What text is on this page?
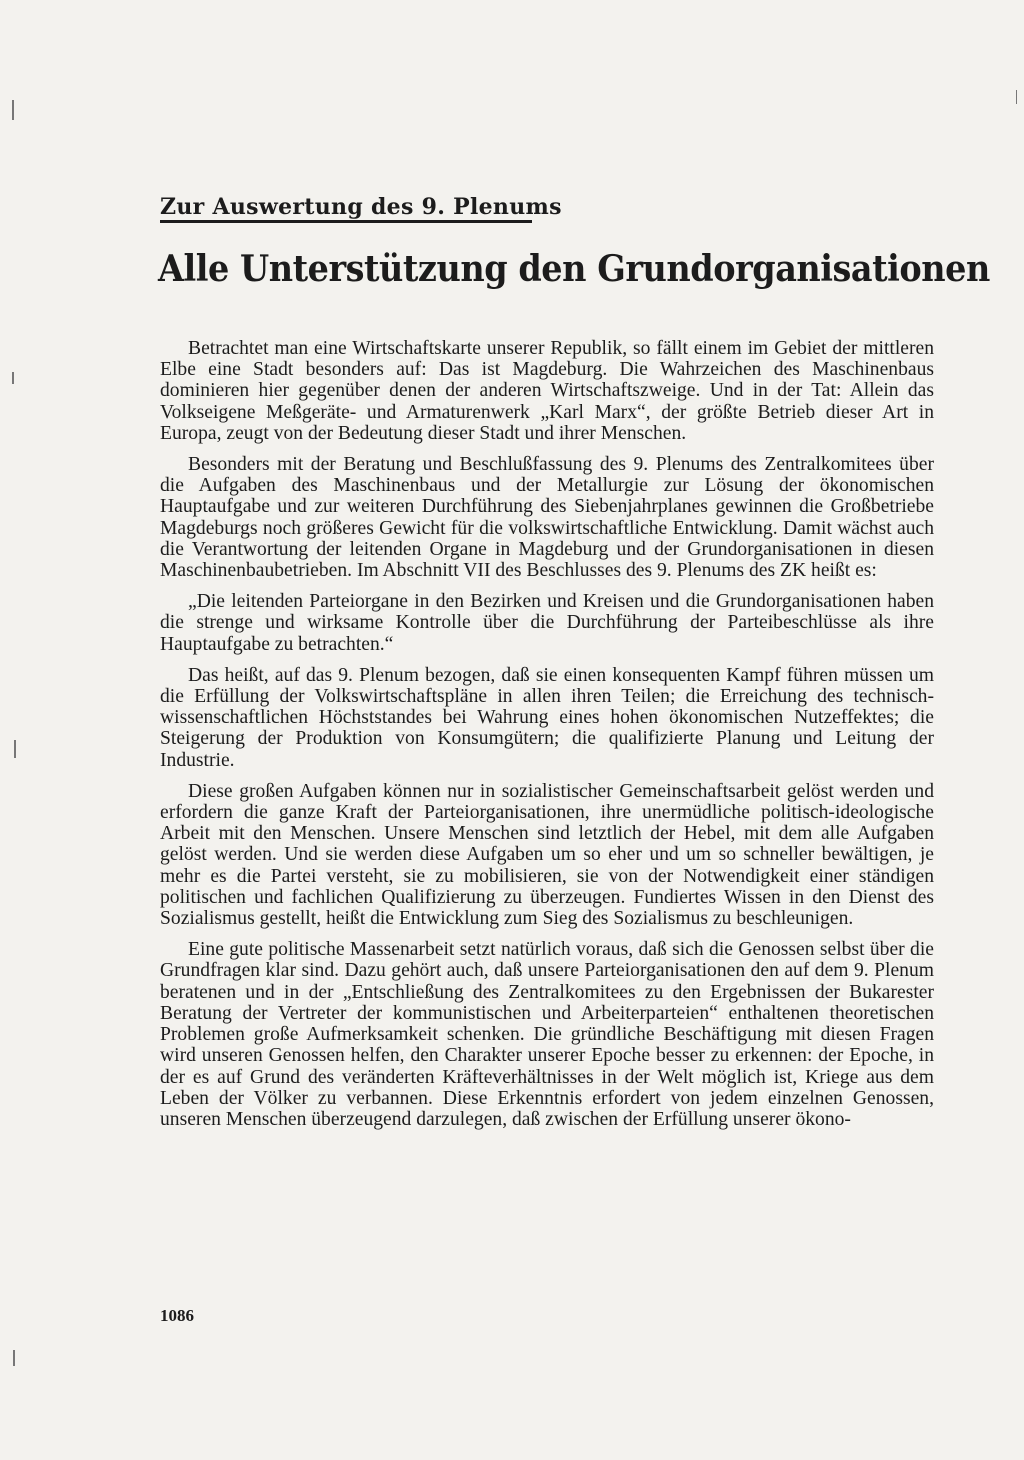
Zur Auswertung des 9. Plenums
Alle Unterstützung den Grundorganisationen

Betrachtet man eine Wirtschaftskarte unserer Republik, so fällt einem im Gebiet der mittleren Elbe eine Stadt besonders auf: Das ist Magdeburg. Die Wahrzeichen des Maschinenbaus dominieren hier gegenüber denen der anderen Wirtschaftszweige. Und in der Tat: Allein das Volkseigene Meßgeräte- und Armaturenwerk „Karl Marx“, der größte Betrieb dieser Art in Europa, zeugt von der Bedeutung dieser Stadt und ihrer Menschen.

Besonders mit der Beratung und Beschlußfassung des 9. Plenums des Zentralkomitees über die Aufgaben des Maschinenbaus und der Metallurgie zur Lösung der ökonomischen Hauptaufgabe und zur weiteren Durchführung des Siebenjahrplanes gewinnen die Großbetriebe Magdeburgs noch größeres Gewicht für die volkswirtschaftliche Entwicklung. Damit wächst auch die Verantwortung der leitenden Organe in Magdeburg und der Grundorganisationen in diesen Maschinenbaubetrieben. Im Abschnitt VII des Beschlusses des 9. Plenums des ZK heißt es:

„Die leitenden Parteiorgane in den Bezirken und Kreisen und die Grundorganisationen haben die strenge und wirksame Kontrolle über die Durchführung der Parteibeschlüsse als ihre Hauptaufgabe zu betrachten.“

Das heißt, auf das 9. Plenum bezogen, daß sie einen konsequenten Kampf führen müssen um die Erfüllung der Volkswirtschaftspläne in allen ihren Teilen; die Erreichung des technisch-wissenschaftlichen Höchststandes bei Wahrung eines hohen ökonomischen Nutzeffektes; die Steigerung der Produktion von Konsumgütern; die qualifizierte Planung und Leitung der Industrie.

Diese großen Aufgaben können nur in sozialistischer Gemeinschaftsarbeit gelöst werden und erfordern die ganze Kraft der Parteiorganisationen, ihre unermüdliche politisch-ideologische Arbeit mit den Menschen. Unsere Menschen sind letztlich der Hebel, mit dem alle Aufgaben gelöst werden. Und sie werden diese Aufgaben um so eher und um so schneller bewältigen, je mehr es die Partei versteht, sie zu mobilisieren, sie von der Notwendigkeit einer ständigen politischen und fachlichen Qualifizierung zu überzeugen. Fundiertes Wissen in den Dienst des Sozialismus gestellt, heißt die Entwicklung zum Sieg des Sozialismus zu beschleunigen.

Eine gute politische Massenarbeit setzt natürlich voraus, daß sich die Genossen selbst über die Grundfragen klar sind. Dazu gehört auch, daß unsere Parteiorganisationen den auf dem 9. Plenum beratenen und in der „Entschließung des Zentralkomitees zu den Ergebnissen der Bukarester Beratung der Vertreter der kommunistischen und Arbeiterparteien“ enthaltenen theoretischen Problemen große Aufmerksamkeit schenken. Die gründliche Beschäftigung mit diesen Fragen wird unseren Genossen helfen, den Charakter unserer Epoche besser zu erkennen: der Epoche, in der es auf Grund des veränderten Kräfteverhältnisses in der Welt möglich ist, Kriege aus dem Leben der Völker zu verbannen. Diese Erkenntnis erfordert von jedem einzelnen Genossen, unseren Menschen überzeugend darzulegen, daß zwischen der Erfüllung unserer ökono-

1086
